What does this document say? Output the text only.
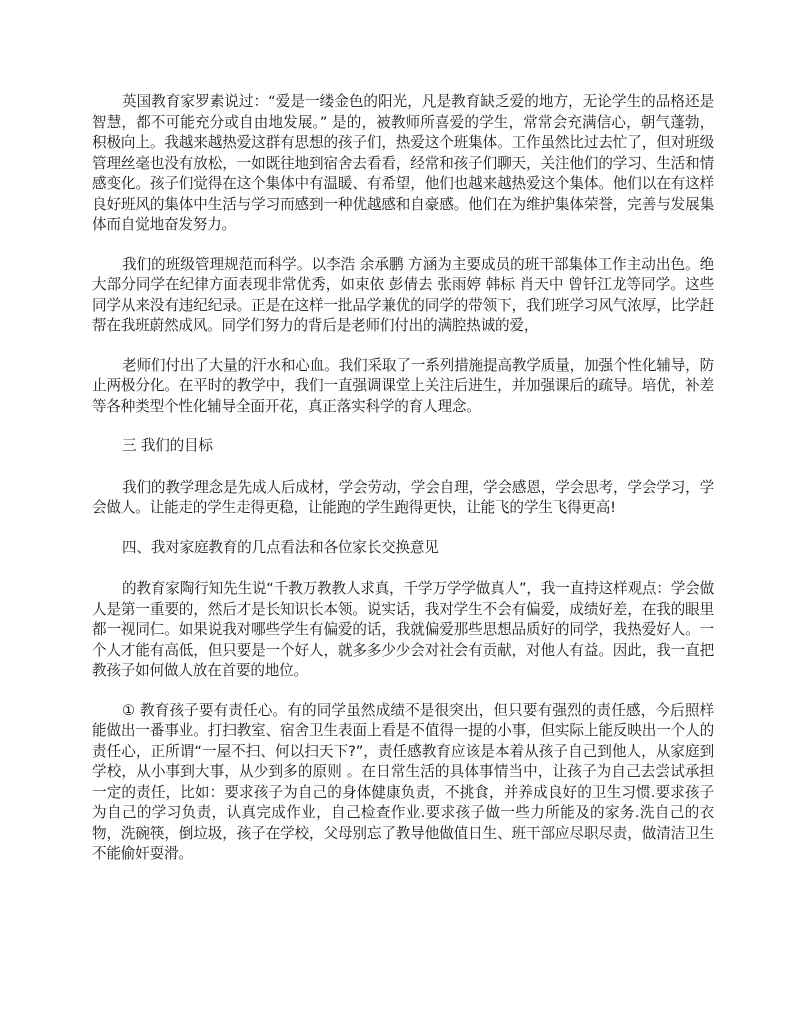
英国教育家罗素说过：“爱是一缕金色的阳光，凡是教育缺乏爱的地方，无论学生的品格还是智慧，都不可能充分或自由地发展。” 是的，被教师所喜爱的学生，常常会充满信心，朝气蓬勃，积极向上。我越来越热爱这群有思想的孩子们，热爱这个班集体。工作虽然比过去忙了，但对班级管理丝毫也没有放松，一如既往地到宿舍去看看，经常和孩子们聊天，关注他们的学习、生活和情感变化。孩子们觉得在这个集体中有温暖、有希望，他们也越来越热爱这个集体。他们以在有这样良好班风的集体中生活与学习而感到一种优越感和自豪感。他们在为维护集体荣誉，完善与发展集体而自觉地奋发努力。

我们的班级管理规范而科学。以李浩 余承鹏 方涵为主要成员的班干部集体工作主动出色。绝大部分同学在纪律方面表现非常优秀，如束依 彭倩去 张雨婷 韩标 肖天中 曾钎江龙等同学。这些同学从来没有违纪纪录。正是在这样一批品学兼优的同学的带领下，我们班学习风气浓厚，比学赶帮在我班蔚然成风。同学们努力的背后是老师们付出的满腔热诚的爱，

老师们付出了大量的汗水和心血。我们采取了一系列措施提高教学质量，加强个性化辅导，防止两极分化。在平时的教学中，我们一直强调课堂上关注后进生，并加强课后的疏导。培优，补差等各种类型个性化辅导全面开花，真正落实科学的育人理念。

三 我们的目标

我们的教学理念是先成人后成材，学会劳动，学会自理，学会感恩，学会思考，学会学习，学会做人。让能走的学生走得更稳，让能跑的学生跑得更快，让能飞的学生飞得更高!

四、我对家庭教育的几点看法和各位家长交换意见

的教育家陶行知先生说“千教万教教人求真，千学万学学做真人”，我一直持这样观点：学会做人是第一重要的，然后才是长知识长本领。说实话，我对学生不会有偏爱，成绩好差，在我的眼里都一视同仁。如果说我对哪些学生有偏爱的话，我就偏爱那些思想品质好的同学，我热爱好人。一个人才能有高低，但只要是一个好人，就多多少少会对社会有贡献，对他人有益。因此，我一直把教孩子如何做人放在首要的地位。

① 教育孩子要有责任心。有的同学虽然成绩不是很突出，但只要有强烈的责任感，今后照样能做出一番事业。打扫教室、宿舍卫生表面上看是不值得一提的小事，但实际上能反映出一个人的责任心，正所谓“一屋不扫、何以扫天下?”，责任感教育应该是本着从孩子自己到他人，从家庭到学校，从小事到大事，从少到多的原则 。在日常生活的具体事情当中，让孩子为自己去尝试承担一定的责任，比如：要求孩子为自己的身体健康负责，不挑食，并养成良好的卫生习惯.要求孩子为自己的学习负责，认真完成作业，自己检查作业.要求孩子做一些力所能及的家务.洗自己的衣物，洗碗筷，倒垃圾，孩子在学校，父母别忘了教导他做值日生、班干部应尽职尽责，做清洁卫生不能偷奸耍滑。
